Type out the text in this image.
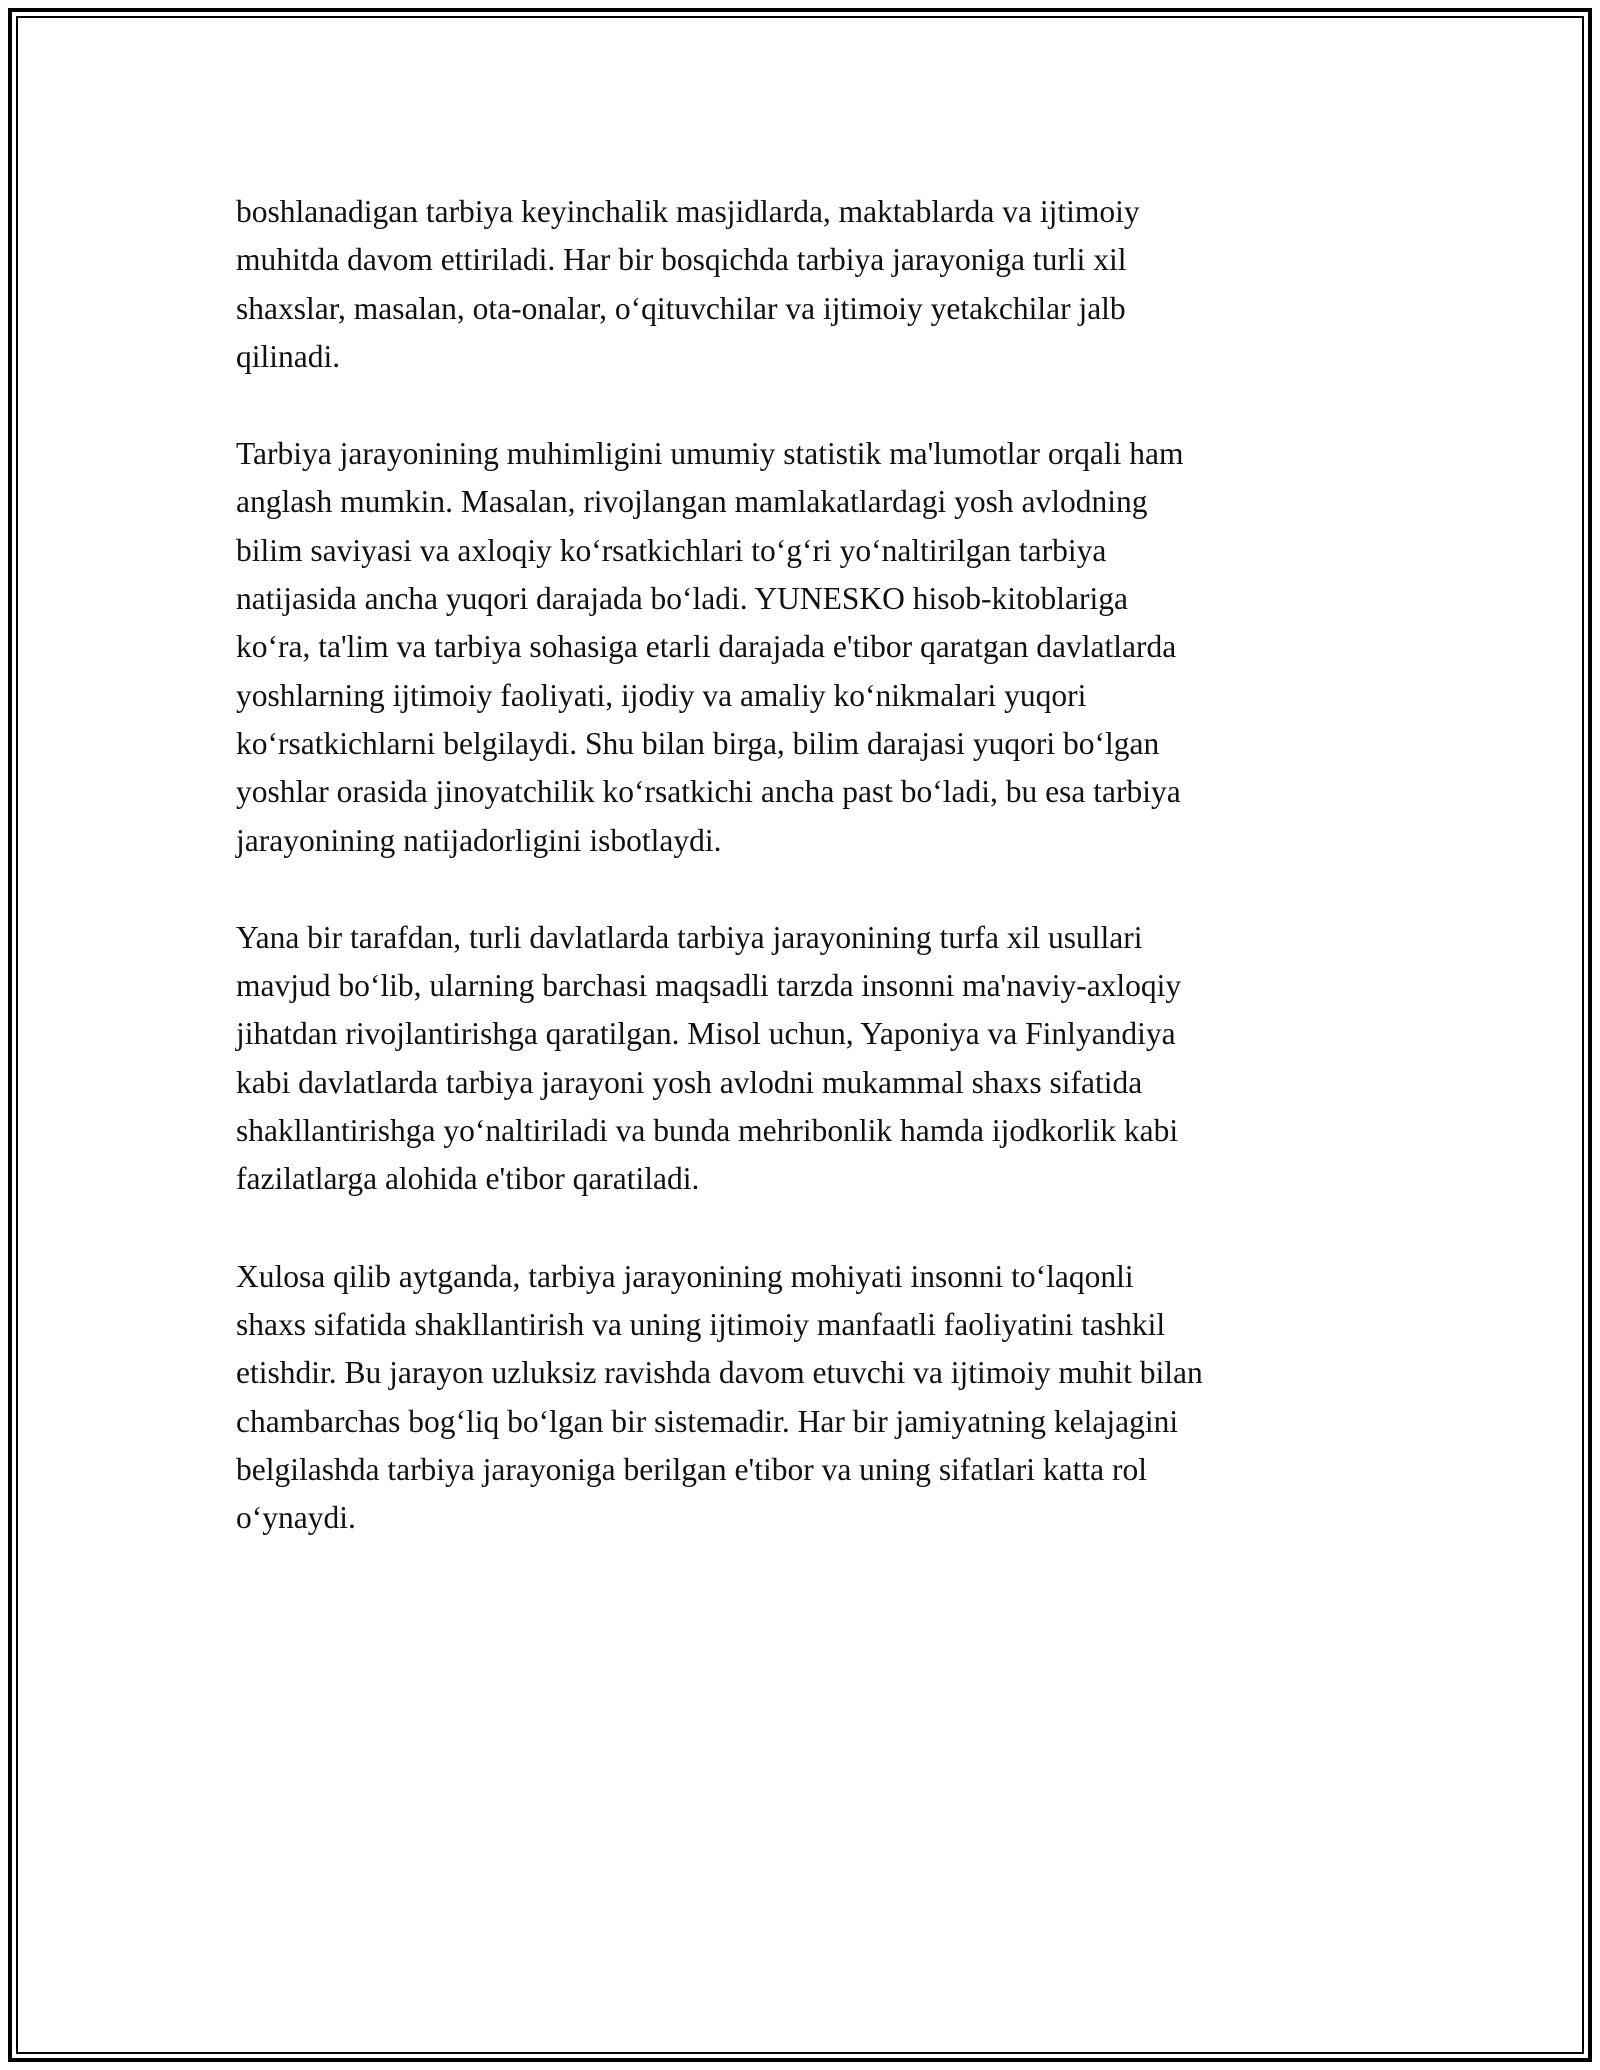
boshlanadigan tarbiya keyinchalik masjidlarda, maktablarda va ijtimoiy
muhitda davom ettiriladi. Har bir bosqichda tarbiya jarayoniga turli xil
shaxslar, masalan, ota-onalar, o‘qituvchilar va ijtimoiy yetakchilar jalb
qilinadi.

Tarbiya jarayonining muhimligini umumiy statistik ma'lumotlar orqali ham
anglash mumkin. Masalan, rivojlangan mamlakatlardagi yosh avlodning
bilim saviyasi va axloqiy ko‘rsatkichlari to‘g‘ri yo‘naltirilgan tarbiya
natijasida ancha yuqori darajada bo‘ladi. YUNESKO hisob-kitoblariga
ko‘ra, ta'lim va tarbiya sohasiga etarli darajada e'tibor qaratgan davlatlarda
yoshlarning ijtimoiy faoliyati, ijodiy va amaliy ko‘nikmalari yuqori
ko‘rsatkichlarni belgilaydi. Shu bilan birga, bilim darajasi yuqori bo‘lgan
yoshlar orasida jinoyatchilik ko‘rsatkichi ancha past bo‘ladi, bu esa tarbiya
jarayonining natijadorligini isbotlaydi.

Yana bir tarafdan, turli davlatlarda tarbiya jarayonining turfa xil usullari
mavjud bo‘lib, ularning barchasi maqsadli tarzda insonni ma'naviy-axloqiy
jihatdan rivojlantirishga qaratilgan. Misol uchun, Yaponiya va Finlyandiya
kabi davlatlarda tarbiya jarayoni yosh avlodni mukammal shaxs sifatida
shakllantirishga yo‘naltiriladi va bunda mehribonlik hamda ijodkorlik kabi
fazilatlarga alohida e'tibor qaratiladi.

Xulosa qilib aytganda, tarbiya jarayonining mohiyati insonni to‘laqonli
shaxs sifatida shakllantirish va uning ijtimoiy manfaatli faoliyatini tashkil
etishdir. Bu jarayon uzluksiz ravishda davom etuvchi va ijtimoiy muhit bilan
chambarchas bog‘liq bo‘lgan bir sistemadir. Har bir jamiyatning kelajagini
belgilashda tarbiya jarayoniga berilgan e'tibor va uning sifatlari katta rol
o‘ynaydi.
